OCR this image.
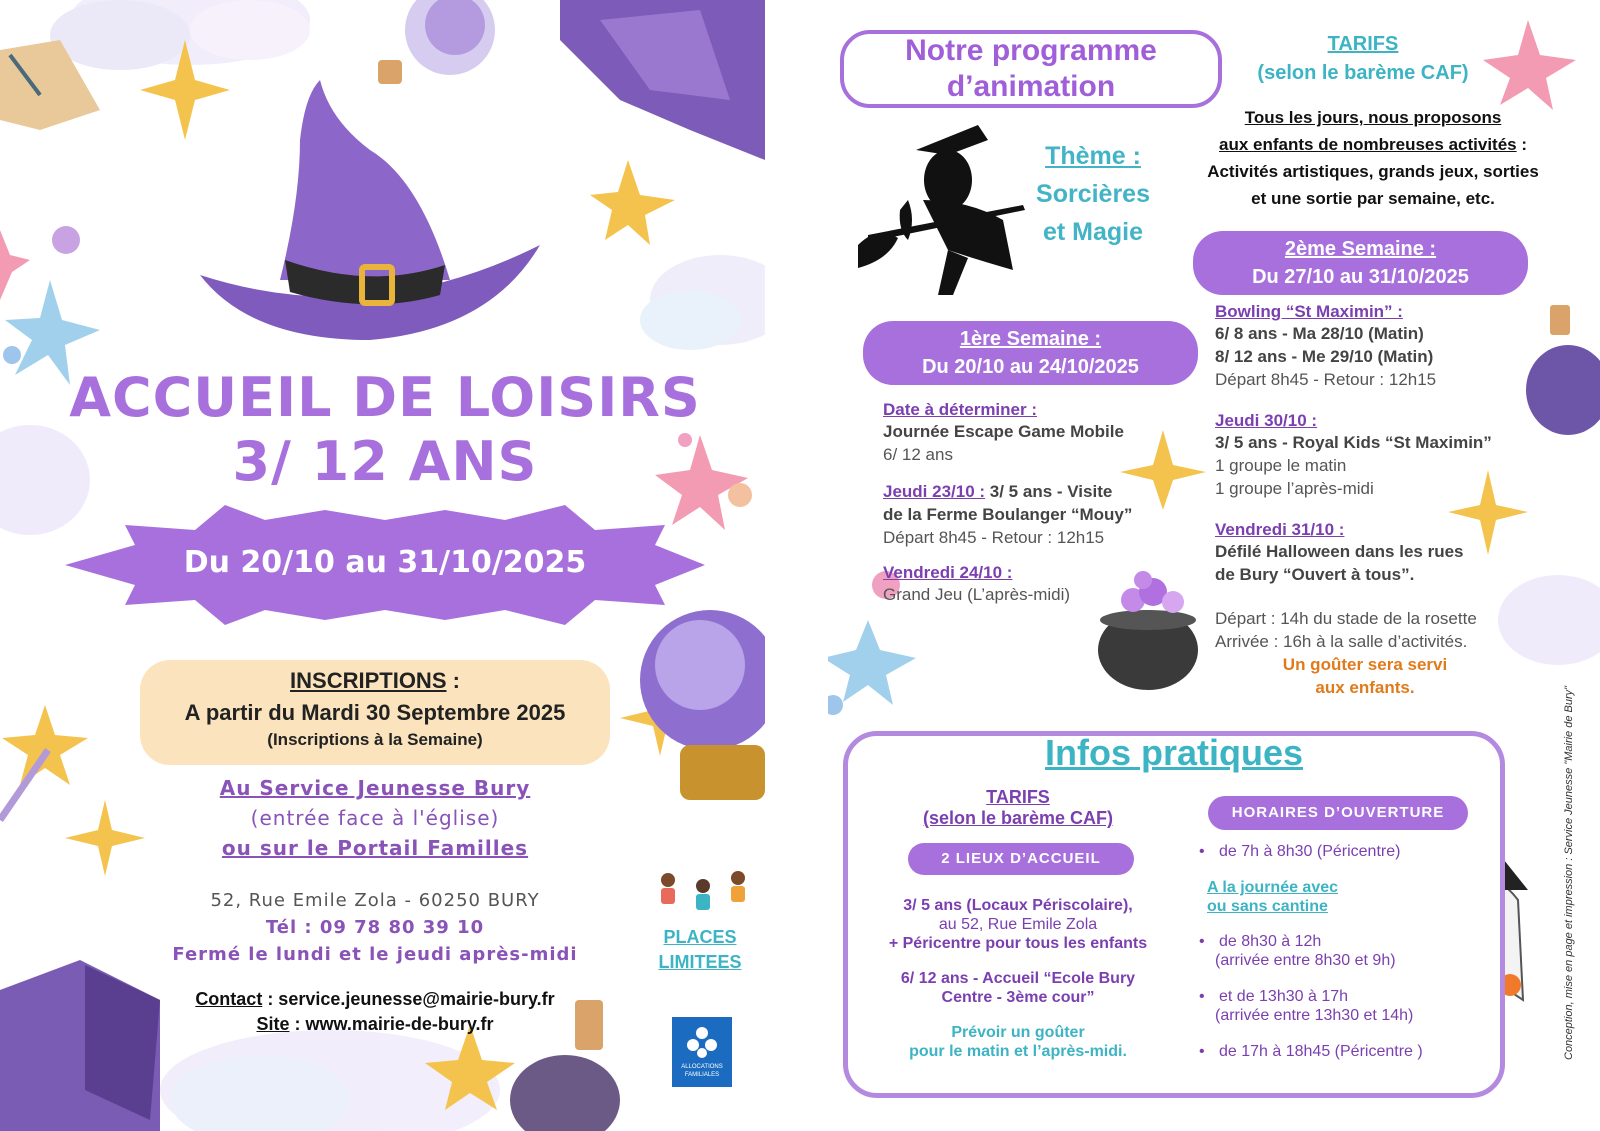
ACCUEIL DE LOISIRS
3/ 12 ANS
Du 20/10 au 31/10/2025
INSCRIPTIONS :
A partir du Mardi 30 Septembre 2025
(Inscriptions à la Semaine)
Au Service Jeunesse Bury
(entrée face à l'église)
ou sur le Portail Familles
52, Rue Emile Zola - 60250 BURY
Tél : 09 78 80 39 10
Fermé le lundi et le jeudi après-midi
Contact : service.jeunesse@mairie-bury.fr
Site : www.mairie-de-bury.fr
PLACES
LIMITEES
ALLOCATIONS FAMILIALES
Notre programme
d’animation
TARIFS
(selon le barème CAF)
Tous les jours, nous proposons
aux enfants de nombreuses activités :
Activités artistiques, grands jeux, sorties
et une sortie par semaine, etc.
Thème :
Sorcières
et Magie
2ème Semaine :
Du 27/10 au 31/10/2025
1ère Semaine :
Du 20/10 au 24/10/2025
Date à déterminer :
Journée Escape Game Mobile
6/ 12 ans
Jeudi 23/10 : 3/ 5 ans - Visite
de la Ferme Boulanger “Mouy”
Départ 8h45 - Retour : 12h15
Vendredi 24/10 :
Grand Jeu (L’après-midi)
Bowling “St Maximin” :
6/ 8 ans - Ma 28/10 (Matin)
8/ 12 ans - Me 29/10 (Matin)
Départ 8h45 - Retour : 12h15
Jeudi 30/10 :
3/ 5 ans - Royal Kids “St Maximin”
1 groupe le matin
1 groupe l’après-midi
Vendredi 31/10 :
Défilé Halloween dans les rues
de Bury “Ouvert à tous”.
Départ : 14h du stade de la rosette
Arrivée : 16h à la salle d’activités.
Un goûter sera servi
aux enfants.
Infos pratiques
TARIFS
(selon le barème CAF)
2 LIEUX D’ACCUEIL
3/ 5 ans (Locaux Périscolaire),
au 52, Rue Emile Zola
+ Péricentre pour tous les enfants
6/ 12 ans - Accueil “Ecole Bury
Centre - 3ème cour”
Prévoir un goûter
pour le matin et l’après-midi.
HORAIRES D’OUVERTURE
• de 7h à 8h30 (Péricentre)
A la journée avec
ou sans cantine
• de 8h30 à 12h
(arrivée entre 8h30 et 9h)
• et de 13h30 à 17h
(arrivée entre 13h30 et 14h)
• de 17h à 18h45 (Péricentre )	Conception, mise en page et impression : Service Jeunesse "Mairie de Bury"
